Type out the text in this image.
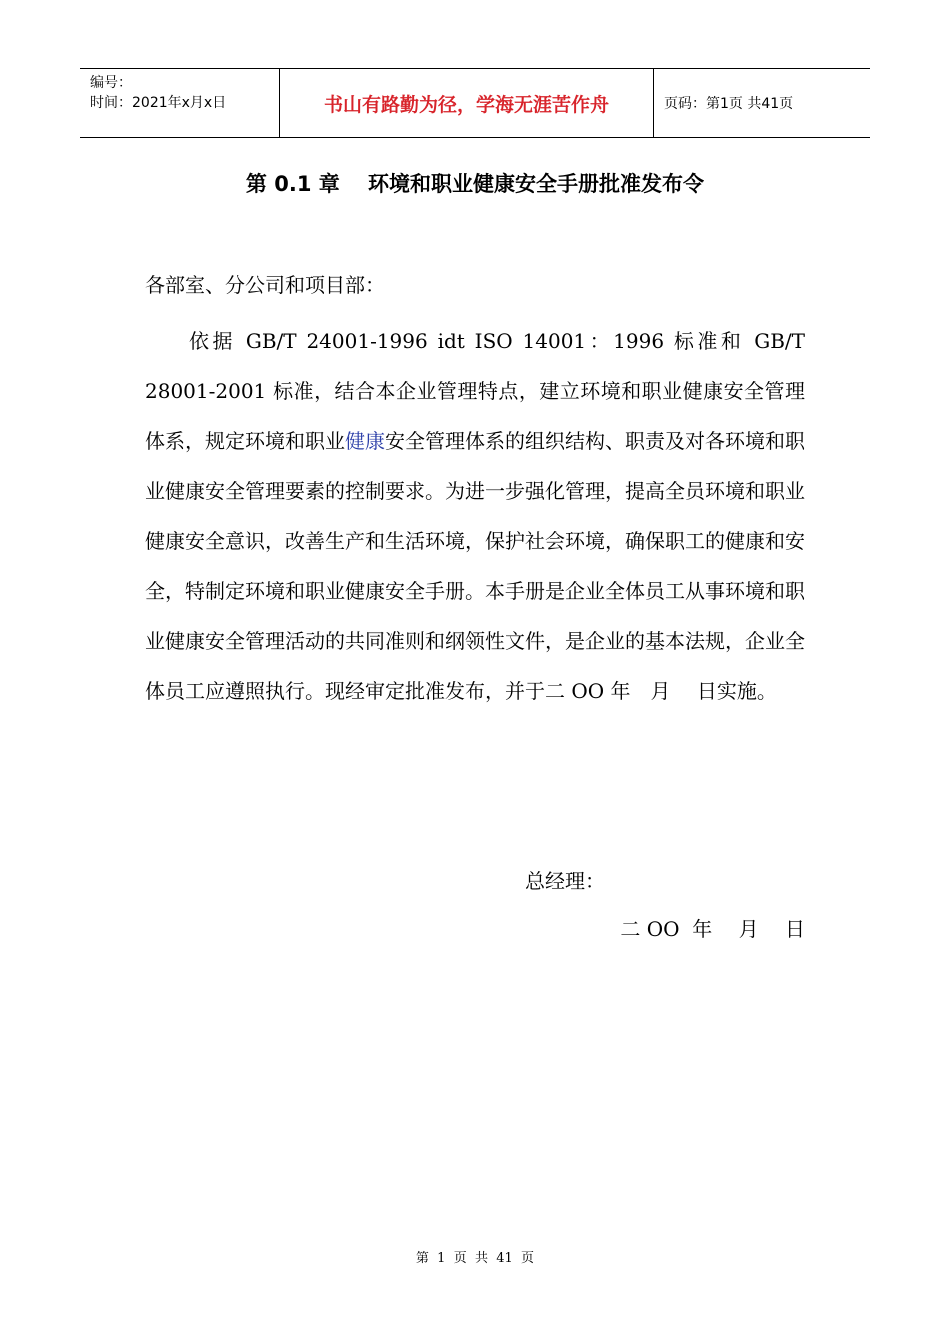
编号：
时间：2021年x月x日	书山有路勤为径，学海无涯苦作舟	页码：第1页 共41页
第 0.1 章　 环境和职业健康安全手册批准发布令
各部室、分公司和项目部：

依据 GB/T 24001-1996 idt ISO 14001：1996 标准和 GB/T 28001-2001 标准，结合本企业管理特点，建立环境和职业健康安全管理体系，规定环境和职业健康安全管理体系的组织结构、职责及对各环境和职业健康安全管理要素的控制要求。为进一步强化管理，提高全员环境和职业健康安全意识，改善生产和生活环境，保护社会环境，确保职工的健康和安全，特制定环境和职业健康安全手册。本手册是企业全体员工从事环境和职业健康安全管理活动的共同准则和纲领性文件，是企业的基本法规，企业全体员工应遵照执行。现经审定批准发布，并于二 OO 年　月　 日实施。

总经理：
二 OO  年　 月　 日
第  1  页  共  41  页
